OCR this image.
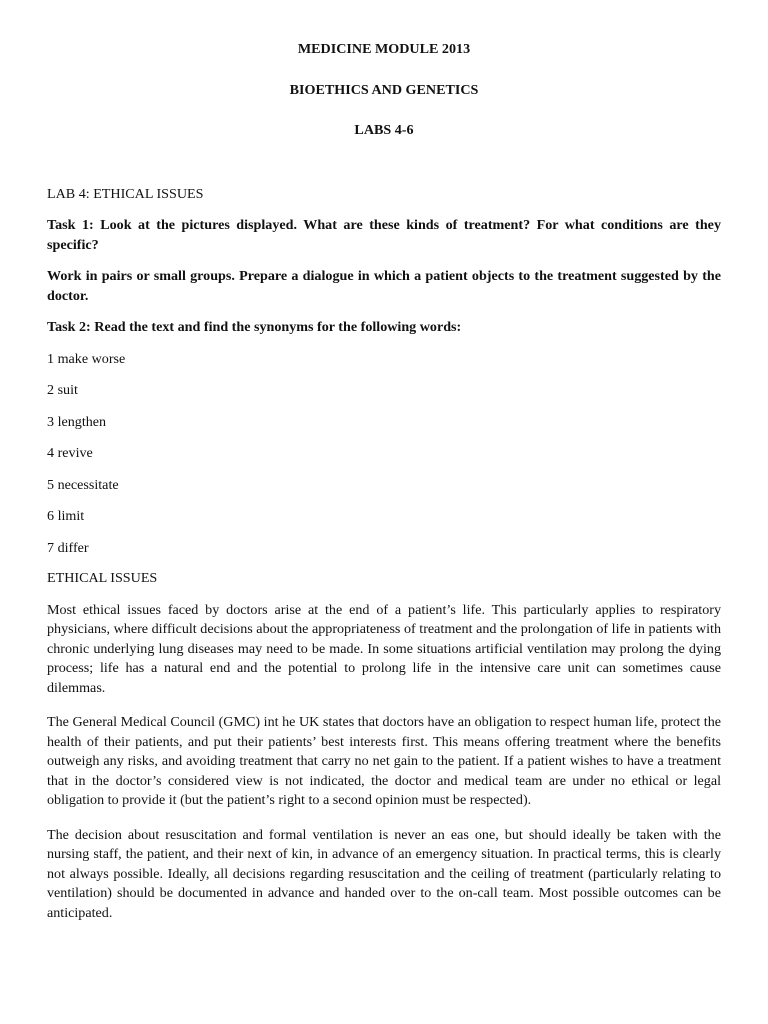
MEDICINE MODULE 2013
BIOETHICS AND GENETICS
LABS 4-6
LAB 4: ETHICAL ISSUES
Task 1: Look at the pictures displayed. What are these kinds of treatment? For what conditions are they specific?
Work in pairs or small groups. Prepare a dialogue in which a patient objects to the treatment suggested by the doctor.
Task 2: Read the text and find the synonyms for the following words:
1 make worse
2 suit
3 lengthen
4 revive
5 necessitate
6 limit
7 differ
ETHICAL ISSUES
Most ethical issues faced by doctors arise at the end of a patient’s life. This particularly applies to respiratory physicians, where difficult decisions about the appropriateness of treatment and the prolongation of life in patients with chronic underlying lung diseases may need to be made. In some situations artificial ventilation may prolong the dying process; life has a natural end and the potential to prolong life in the intensive care unit can sometimes cause dilemmas.
The General Medical Council (GMC) int he UK states that doctors have an obligation to respect human life, protect the health of their patients, and put their patients’ best interests first. This means offering treatment where the benefits outweigh any risks, and avoiding treatment that carry no net gain to the patient. If a patient wishes to have a treatment that in the doctor’s considered view is not indicated, the doctor and medical team are under no ethical or legal obligation to provide it (but the patient’s right to a second opinion must be respected).
The decision about resuscitation and formal ventilation is never an eas one, but should ideally be taken with the nursing staff, the patient, and their next of kin, in advance of an emergency situation. In practical terms, this is clearly not always possible. Ideally, all decisions regarding resuscitation and the ceiling of treatment (particularly relating to ventilation) should be documented in advance and handed over to the on-call team. Most possible outcomes can be anticipated.
